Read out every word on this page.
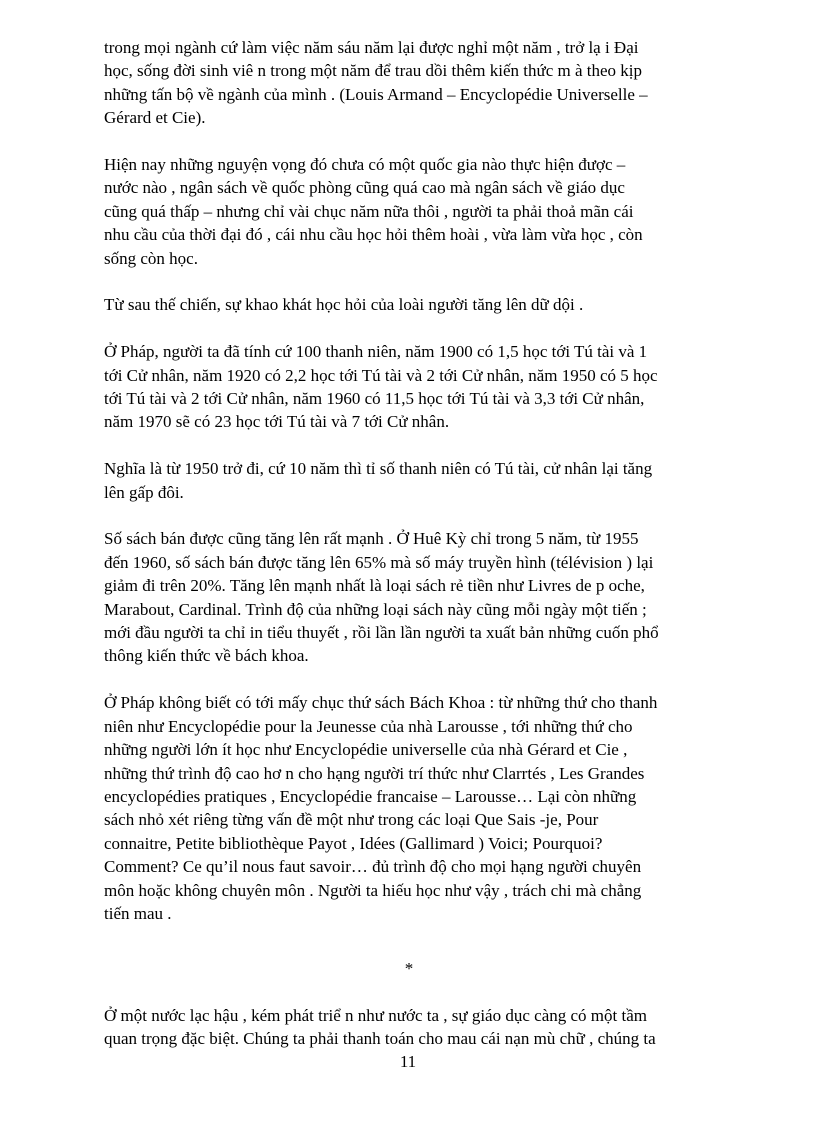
trong mọi ngành cứ làm việc năm sáu năm lại được nghỉ một năm , trở lạ i Đại
học, sống đời sinh viê n trong một năm để trau dồi thêm kiến thức m à theo kịp
những tấn bộ về ngành của mình . (Louis Armand – Encyclopédie Universelle –
Gérard et Cie).
Hiện nay những nguyện vọng đó chưa có một quốc gia nào thực hiện được –
nước nào , ngân sách về quốc phòng cũng quá cao mà ngân sách về giáo dục
cũng quá thấp – nhưng chỉ vài chục năm nữa thôi , người ta phải thoả mãn cái
nhu cầu của thời đại đó , cái nhu cầu học hỏi thêm hoài , vừa làm vừa học , còn
sống còn học.
Từ sau thế chiến, sự khao khát học hỏi của loài người tăng lên dữ dội .
Ở Pháp, người ta đã tính cứ 100 thanh niên, năm 1900 có 1,5 học tới Tú tài và 1
tới Cử nhân, năm 1920 có 2,2 học tới Tú tài và 2 tới Cử nhân, năm 1950 có 5 học
tới Tú tài và 2 tới Cử nhân, năm 1960 có 11,5 học tới Tú tài và 3,3 tới Cử nhân,
năm 1970 sẽ có 23 học tới Tú tài và 7 tới Cử nhân.
Nghĩa là từ 1950 trở đi, cứ 10 năm thì tỉ số thanh niên có Tú tài, cử nhân lại tăng
lên gấp đôi.
Số sách bán được cũng tăng lên rất mạnh . Ở Huê Kỳ chỉ trong 5 năm, từ 1955
đến 1960, số sách bán được tăng lên 65% mà số máy truyền hình (télévision ) lại
giảm đi trên 20%. Tăng lên mạnh nhất là loại sách rẻ tiền như Livres de p oche,
Marabout, Cardinal. Trình độ của những loại sách này cũng mỗi ngày một tiến ;
mới đầu người ta chỉ in tiểu thuyết , rồi lần lần người ta xuất bản những cuốn phổ
thông kiến thức về bách khoa.
Ở Pháp không biết có tới mấy chục thứ sách Bách Khoa : từ những thứ cho thanh
niên như Encyclopédie pour la Jeunesse của nhà Larousse , tới những thứ cho
những người lớn ít học như Encyclopédie universelle của nhà Gérard et Cie ,
những thứ trình độ cao hơ n cho hạng người trí thức như Clarrtés , Les Grandes
encyclopédies pratiques , Encyclopédie francaise – Larousse… Lại còn những
sách nhỏ xét riêng từng vấn đề một như trong các loại Que Sais -je, Pour
connaitre, Petite bibliothèque Payot , Idées (Gallimard ) Voici; Pourquoi?
Comment? Ce qu’il nous faut savoir… đủ trình độ cho mọi hạng người chuyên
môn hoặc không chuyên môn . Người ta hiếu học như vậy , trách chi mà chẳng
tiến mau .
*
Ở một nước lạc hậu , kém phát triể n như nước ta , sự giáo dục càng có một tầm
quan trọng đặc biệt. Chúng ta phải thanh toán cho mau cái nạn mù chữ , chúng ta
11
